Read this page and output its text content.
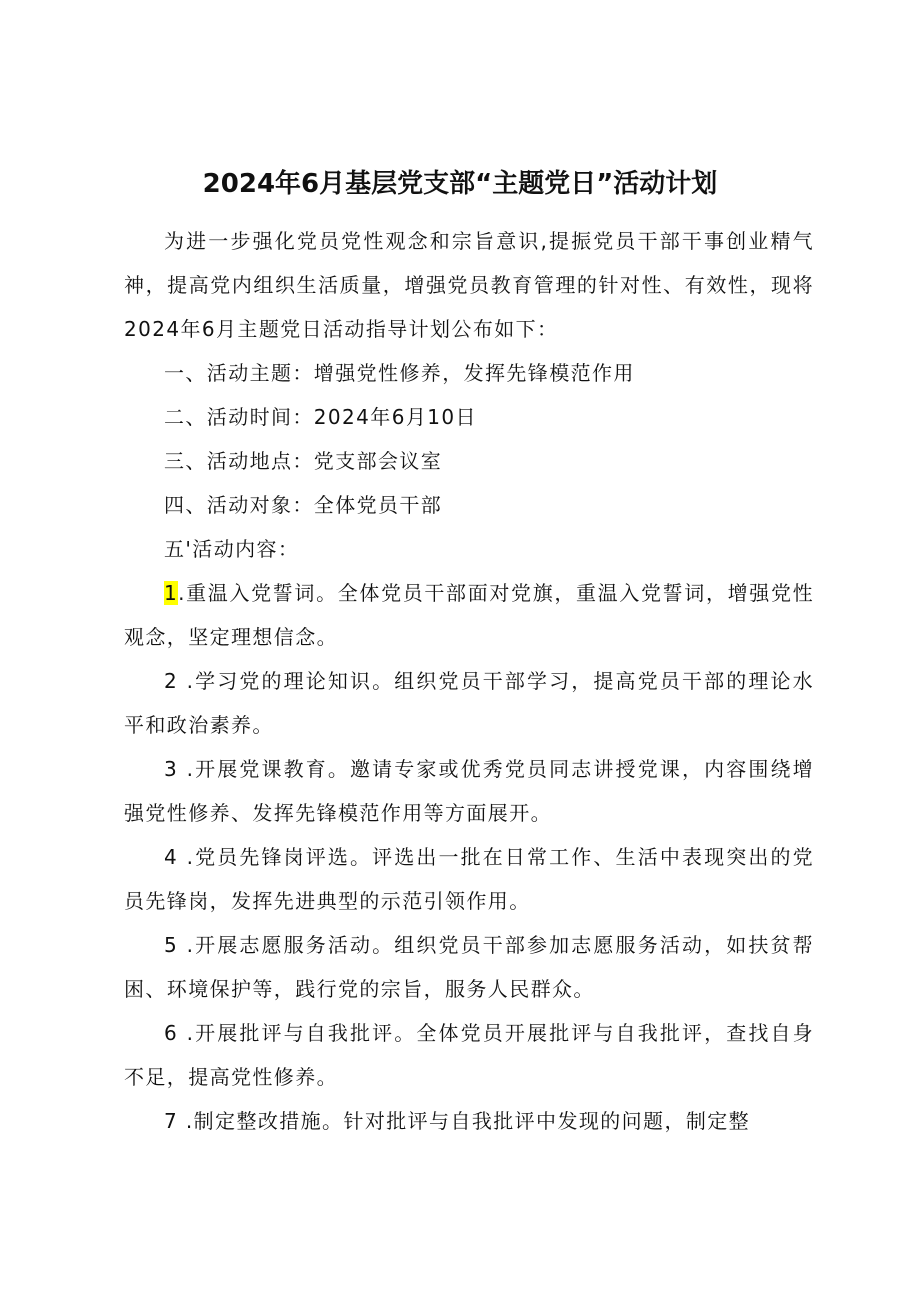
2024年6月基层党支部“主题党日”活动计划

为进一步强化党员党性观念和宗旨意识,提振党员干部干事创业精气神，提高党内组织生活质量，增强党员教育管理的针对性、有效性，现将2024年6月主题党日活动指导计划公布如下：

一、活动主题：增强党性修养，发挥先锋模范作用

二、活动时间：2024年6月10日

三、活动地点：党支部会议室

四、活动对象：全体党员干部

五'活动内容：

1.重温入党誓词。全体党员干部面对党旗，重温入党誓词，增强党性观念，坚定理想信念。

2 .学习党的理论知识。组织党员干部学习，提高党员干部的理论水平和政治素养。

3 .开展党课教育。邀请专家或优秀党员同志讲授党课，内容围绕增强党性修养、发挥先锋模范作用等方面展开。

4 .党员先锋岗评选。评选出一批在日常工作、生活中表现突出的党员先锋岗，发挥先进典型的示范引领作用。

5 .开展志愿服务活动。组织党员干部参加志愿服务活动，如扶贫帮困、环境保护等，践行党的宗旨，服务人民群众。

6 .开展批评与自我批评。全体党员开展批评与自我批评，查找自身不足，提高党性修养。

7 .制定整改措施。针对批评与自我批评中发现的问题，制定整
